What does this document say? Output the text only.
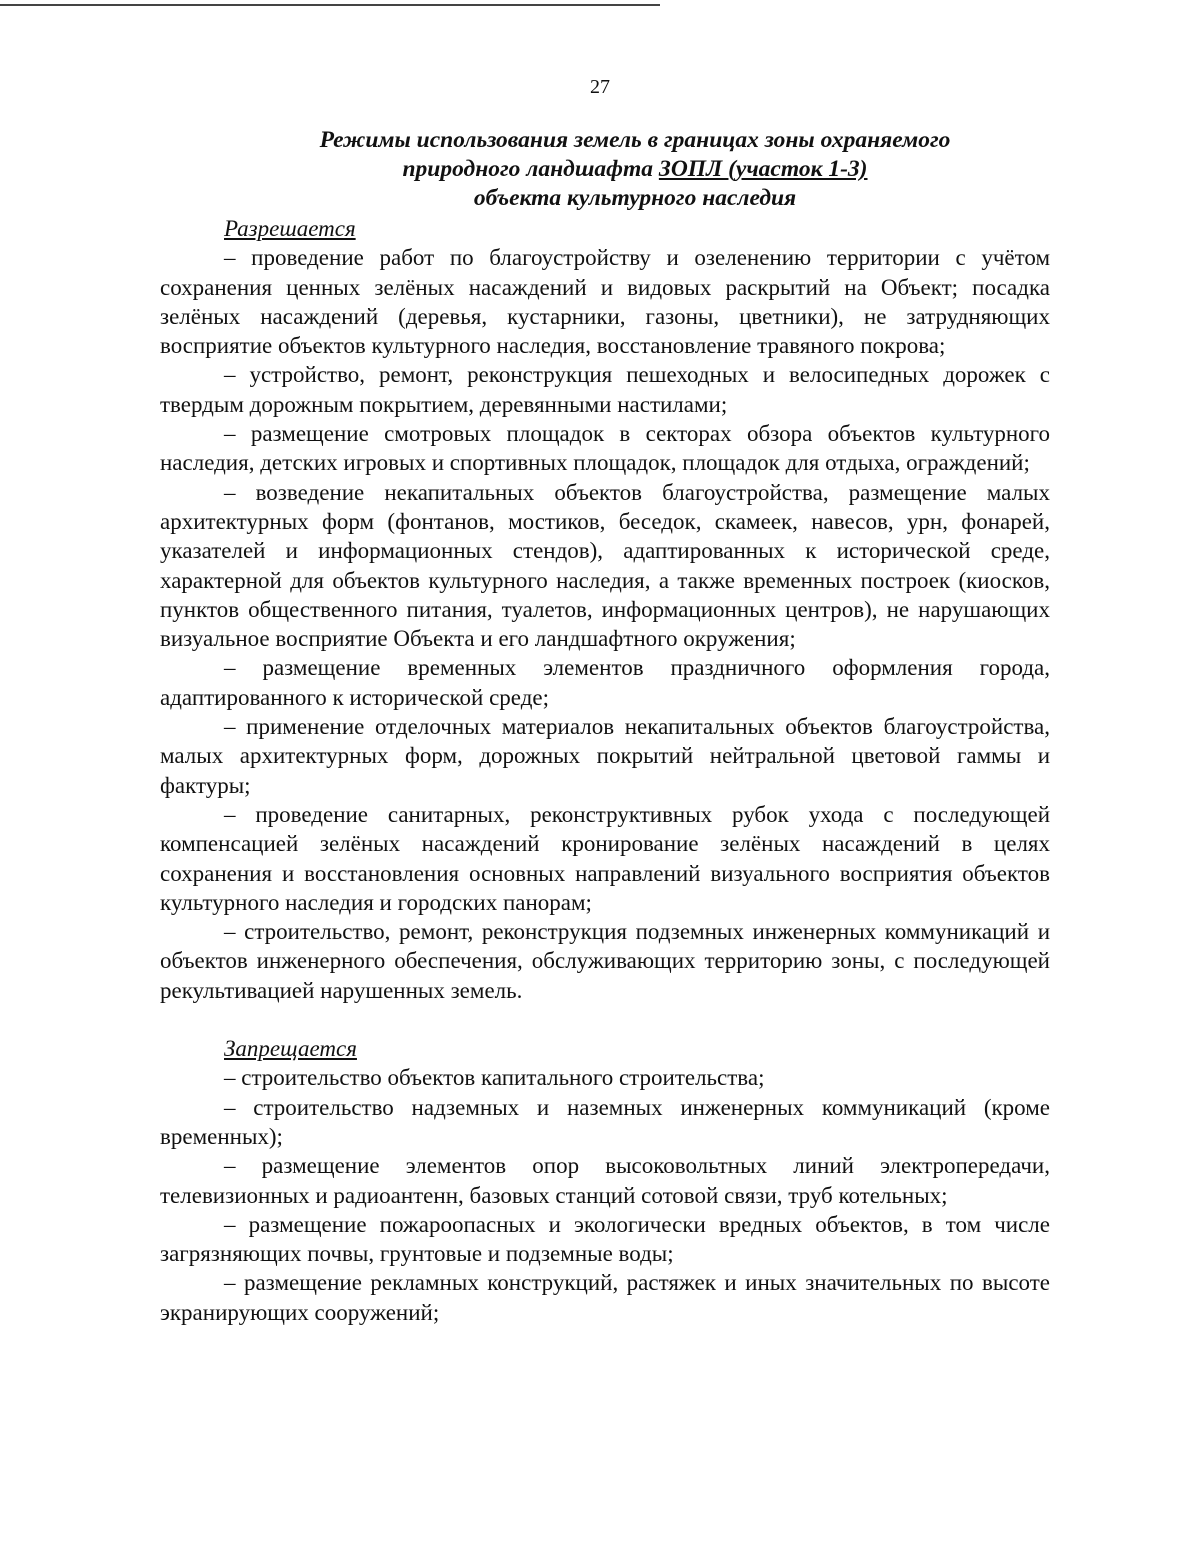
27
Режимы использования земель в границах зоны охраняемого
природного ландшафта ЗОПЛ (участок 1-3)
объекта культурного наследия
Разрешается

– проведение работ по благоустройству и озеленению территории с учётом сохранения ценных зелёных насаждений и видовых раскрытий на Объект; посадка зелёных насаждений (деревья, кустарники, газоны, цветники), не затрудняющих восприятие объектов культурного наследия, восстановление травяного покрова;

– устройство, ремонт, реконструкция пешеходных и велосипедных дорожек с твердым дорожным покрытием, деревянными настилами;

– размещение смотровых площадок в секторах обзора объектов культурного наследия, детских игровых и спортивных площадок, площадок для отдыха, ограждений;

– возведение некапитальных объектов благоустройства, размещение малых архитектурных форм (фонтанов, мостиков, беседок, скамеек, навесов, урн, фонарей, указателей и информационных стендов), адаптированных к исторической среде, характерной для объектов культурного наследия, а также временных построек (киосков, пунктов общественного питания, туалетов, информационных центров), не нарушающих визуальное восприятие Объекта и его ландшафтного окружения;

– размещение временных элементов праздничного оформления города, адаптированного к исторической среде;

– применение отделочных материалов некапитальных объектов благоустройства, малых архитектурных форм, дорожных покрытий нейтральной цветовой гаммы и фактуры;

– проведение санитарных, реконструктивных рубок ухода с последующей компенсацией зелёных насаждений кронирование зелёных насаждений в целях сохранения и восстановления основных направлений визуального восприятия объектов культурного наследия и городских панорам;

– строительство, ремонт, реконструкция подземных инженерных коммуникаций и объектов инженерного обеспечения, обслуживающих территорию зоны, с последующей рекультивацией нарушенных земель.

Запрещается

– строительство объектов капитального строительства;

– строительство надземных и наземных инженерных коммуникаций (кроме временных);

– размещение элементов опор высоковольтных линий электропередачи, телевизионных и радиоантенн, базовых станций сотовой связи, труб котельных;

– размещение пожароопасных и экологически вредных объектов, в том числе загрязняющих почвы, грунтовые и подземные воды;

– размещение рекламных конструкций, растяжек и иных значительных по высоте экранирующих сооружений;
